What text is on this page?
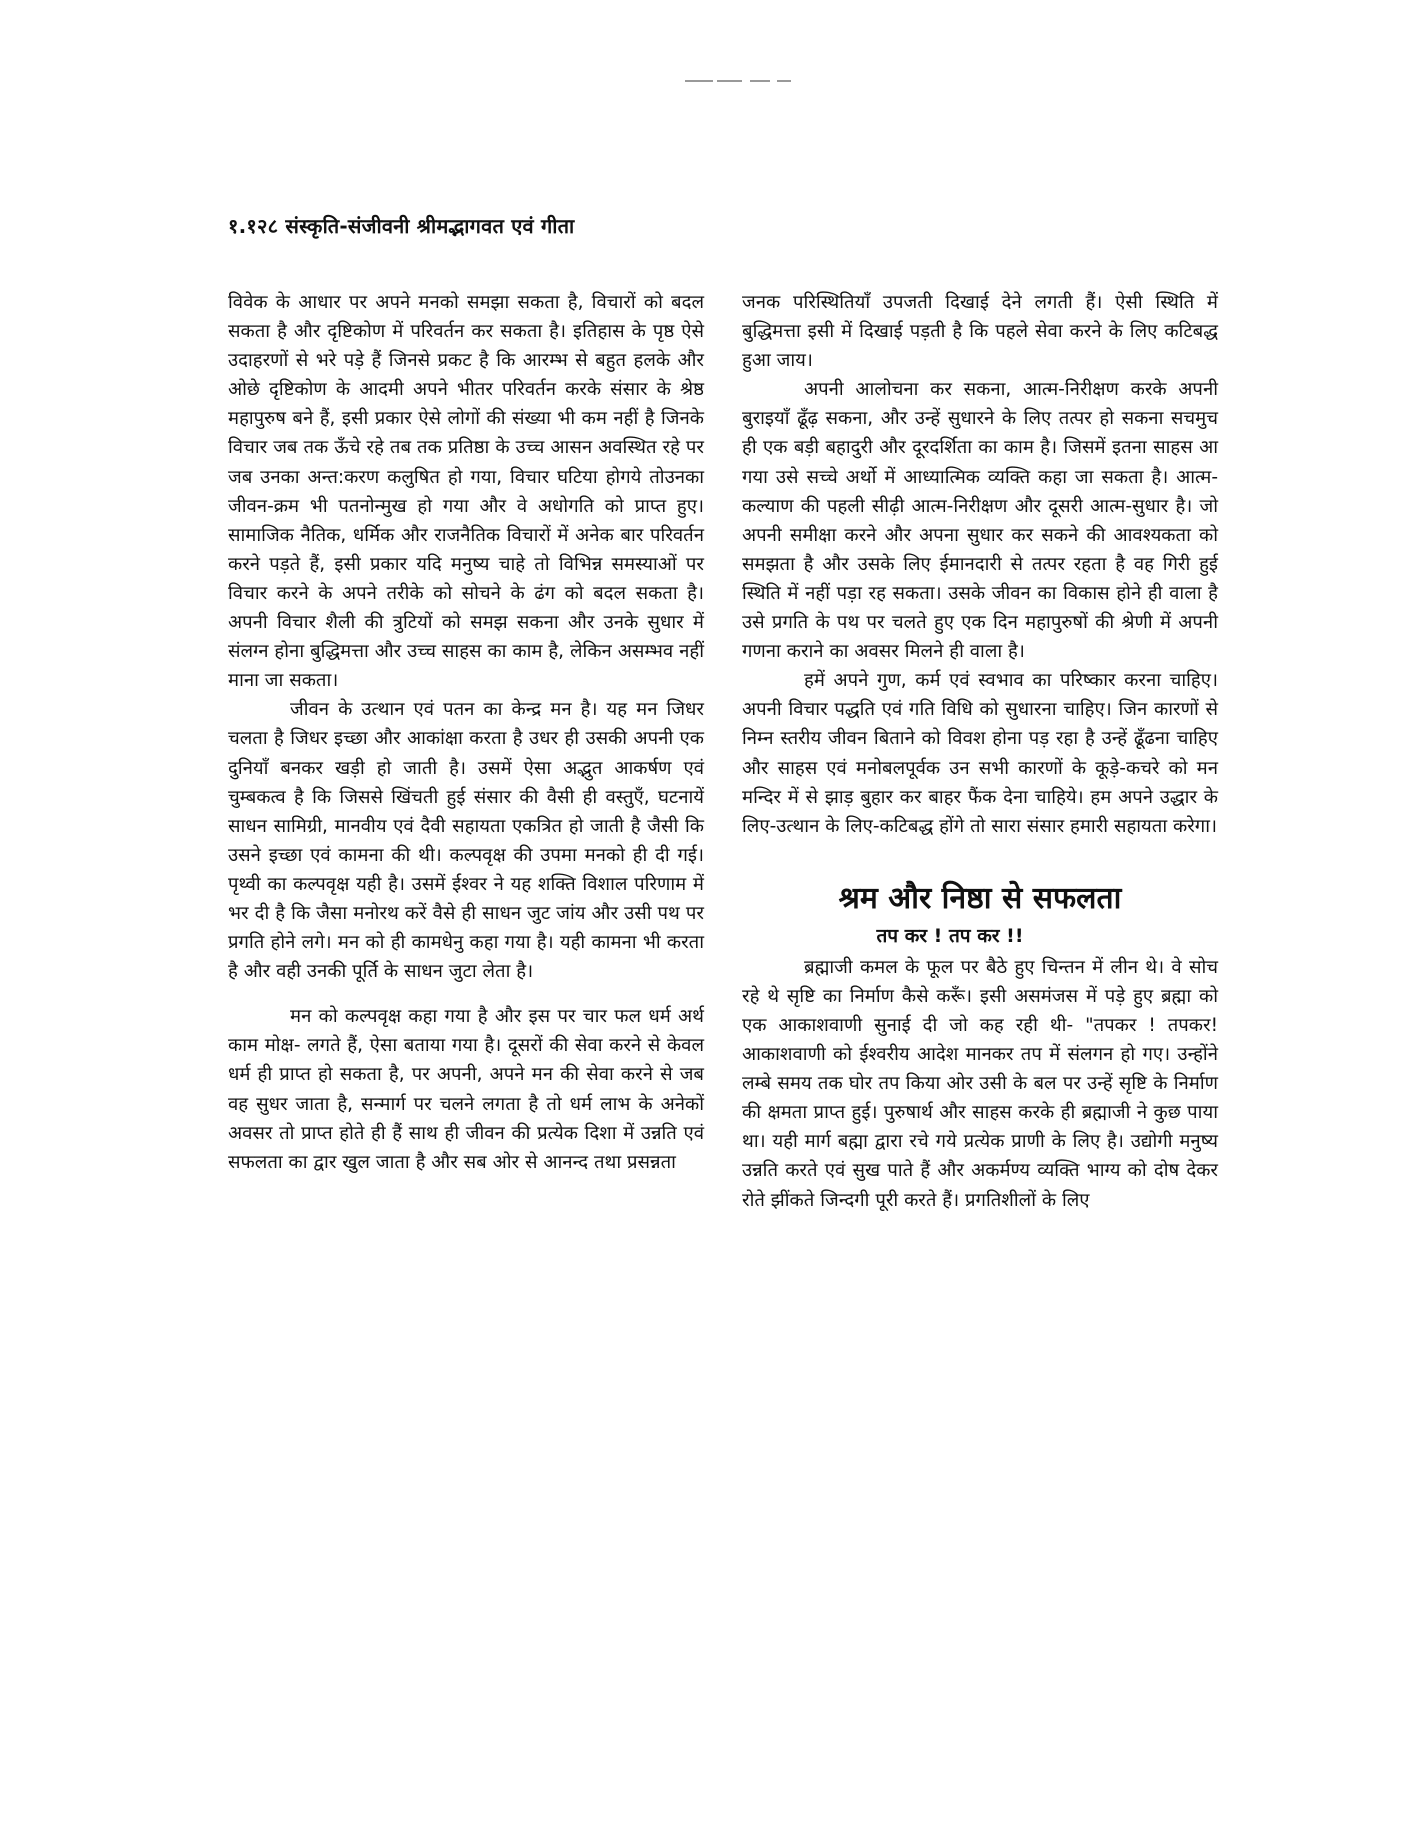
१.१२८ संस्कृति-संजीवनी श्रीमद्भागवत एवं गीता

विवेक के आधार पर अपने मनको समझा सकता है, विचारों को बदल सकता है और दृष्टिकोण में परिवर्तन कर सकता है। इतिहास के पृष्ठ ऐसे उदाहरणों से भरे पड़े हैं जिनसे प्रकट है कि आरम्भ से बहुत हलके और ओछे दृष्टिकोण के आदमी अपने भीतर परिवर्तन करके संसार के श्रेष्ठ महापुरुष बने हैं, इसी प्रकार ऐसे लोगों की संख्या भी कम नहीं है जिनके विचार जब तक ऊँचे रहे तब तक प्रतिष्ठा के उच्च आसन अवस्थित रहे पर जब उनका अन्त:करण कलुषित हो गया, विचार घटिया होगये तोउनका जीवन-क्रम भी पतनोन्मुख हो गया और वे अधोगति को प्राप्त हुए। सामाजिक नैतिक, धर्मिक और राजनैतिक विचारों में अनेक बार परिवर्तन करने पड़ते हैं, इसी प्रकार यदि मनुष्य चाहे तो विभिन्न समस्याओं पर विचार करने के अपने तरीके को सोचने के ढंग को बदल सकता है। अपनी विचार शैली की त्रुटियों को समझ सकना और उनके सुधार में संलग्न होना बुद्धिमत्ता और उच्च साहस का काम है, लेकिन असम्भव नहीं माना जा सकता।

जीवन के उत्थान एवं पतन का केन्द्र मन है। यह मन जिधर चलता है जिधर इच्छा और आकांक्षा करता है उधर ही उसकी अपनी एक दुनियाँ बनकर खड़ी हो जाती है। उसमें ऐसा अद्भुत आकर्षण एवं चुम्बकत्व है कि जिससे खिंचती हुई संसार की वैसी ही वस्तुएँ, घटनायें साधन सामिग्री, मानवीय एवं दैवी सहायता एकत्रित हो जाती है जैसी कि उसने इच्छा एवं कामना की थी। कल्पवृक्ष की उपमा मनको ही दी गई। पृथ्वी का कल्पवृक्ष यही है। उसमें ईश्वर ने यह शक्ति विशाल परिणाम में भर दी है कि जैसा मनोरथ करें वैसे ही साधन जुट जांय और उसी पथ पर प्रगति होने लगे। मन को ही कामधेनु कहा गया है। यही कामना भी करता है और वही उनकी पूर्ति के साधन जुटा लेता है।

मन को कल्पवृक्ष कहा गया है और इस पर चार फल धर्म अर्थ काम मोक्ष- लगते हैं, ऐसा बताया गया है। दूसरों की सेवा करने से केवल धर्म ही प्राप्त हो सकता है, पर अपनी, अपने मन की सेवा करने से जब वह सुधर जाता है, सन्मार्ग पर चलने लगता है तो धर्म लाभ के अनेकों अवसर तो प्राप्त होते ही हैं साथ ही जीवन की प्रत्येक दिशा में उन्नति एवं सफलता का द्वार खुल जाता है और सब ओर से आनन्द तथा प्रसन्नता

जनक परिस्थितियाँ उपजती दिखाई देने लगती हैं। ऐसी स्थिति में बुद्धिमत्ता इसी में दिखाई पड़ती है कि पहले सेवा करने के लिए कटिबद्ध हुआ जाय।

अपनी आलोचना कर सकना, आत्म-निरीक्षण करके अपनी बुराइयाँ ढूँढ़ सकना, और उन्हें सुधारने के लिए तत्पर हो सकना सचमुच ही एक बड़ी बहादुरी और दूरदर्शिता का काम है। जिसमें इतना साहस आ गया उसे सच्चे अर्थो में आध्यात्मिक व्यक्ति कहा जा सकता है। आत्म-कल्याण की पहली सीढ़ी आत्म-निरीक्षण और दूसरी आत्म-सुधार है। जो अपनी समीक्षा करने और अपना सुधार कर सकने की आवश्यकता को समझता है और उसके लिए ईमानदारी से तत्पर रहता है वह गिरी हुई स्थिति में नहीं पड़ा रह सकता। उसके जीवन का विकास होने ही वाला है उसे प्रगति के पथ पर चलते हुए एक दिन महापुरुषों की श्रेणी में अपनी गणना कराने का अवसर मिलने ही वाला है।

हमें अपने गुण, कर्म एवं स्वभाव का परिष्कार करना चाहिए। अपनी विचार पद्धति एवं गति विधि को सुधारना चाहिए। जिन कारणों से निम्न स्तरीय जीवन बिताने को विवश होना पड़ रहा है उन्हें ढूँढना चाहिए और साहस एवं मनोबलपूर्वक उन सभी कारणों के कूड़े-कचरे को मन मन्दिर में से झाड़ बुहार कर बाहर फैंक देना चाहिये। हम अपने उद्धार के लिए-उत्थान के लिए-कटिबद्ध होंगे तो सारा संसार हमारी सहायता करेगा।

श्रम और निष्ठा से सफलता
तप कर ! तप कर !!

ब्रह्माजी कमल के फूल पर बैठे हुए चिन्तन में लीन थे। वे सोच रहे थे सृष्टि का निर्माण कैसे करूँ। इसी असमंजस में पड़े हुए ब्रह्मा को एक आकाशवाणी सुनाई दी जो कह रही थी- "तपकर ! तपकर! आकाशवाणी को ईश्वरीय आदेश मानकर तप में संलगन हो गए। उन्होंने लम्बे समय तक घोर तप किया ओर उसी के बल पर उन्हें सृष्टि के निर्माण की क्षमता प्राप्त हुई। पुरुषार्थ और साहस करके ही ब्रह्माजी ने कुछ पाया था। यही मार्ग बह्मा द्वारा रचे गये प्रत्येक प्राणी के लिए है। उद्योगी मनुष्य उन्नति करते एवं सुख पाते हैं और अकर्मण्य व्यक्ति भाग्य को दोष देकर रोते झींकते जिन्दगी पूरी करते हैं। प्रगतिशीलों के लिए
